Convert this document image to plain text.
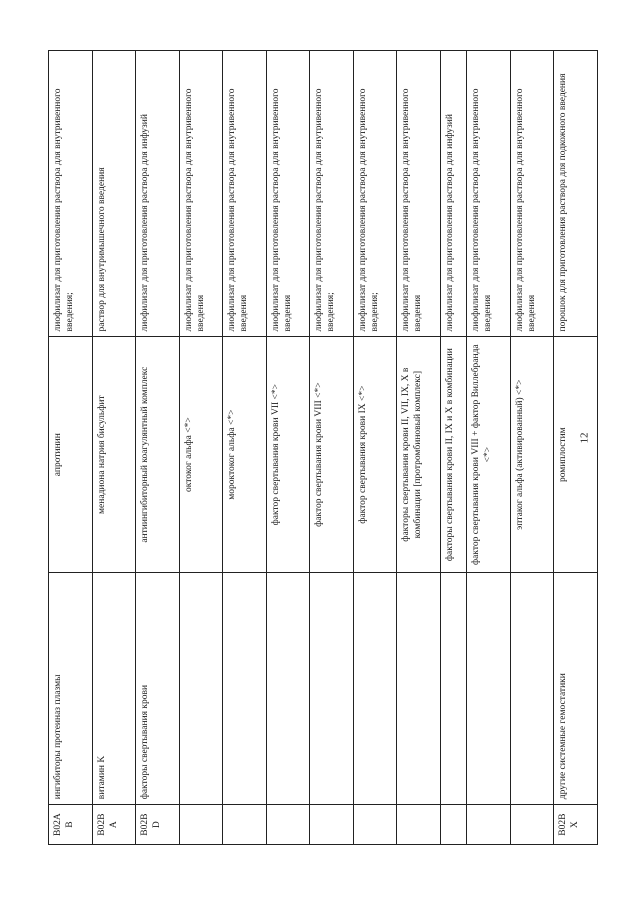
B02AB	ингибиторы протеиназ плазмы	апротинин	лиофилизат для приготовления раствора для внутривенного введения;
B02BA	витамин K	менадиона натрия бисульфит	раствор для внутримышечного введения
B02BD	факторы свертывания крови	антиингибиторный коагулянтный комплекс	лиофилизат для приготовления раствора для инфузий
		октоког альфа <*>	лиофилизат для приготовления раствора для внутривенного введения
		мороктоког альфа <*>	лиофилизат для приготовления раствора для внутривенного введения
		фактор свертывания крови VII <*>	лиофилизат для приготовления раствора для внутривенного введения
		фактор свертывания крови VIII <*>	лиофилизат для приготовления раствора для внутривенного введения;
		фактор свертывания крови IX <*>	лиофилизат для приготовления раствора для внутривенного введения;
		факторы свертывания крови II, VII, IX, X в комбинации [протромбиновый комплекс]	лиофилизат для приготовления раствора для внутривенного введения
		факторы свертывания крови II, IX и X в комбинации	лиофилизат для приготовления раствора для инфузий
		фактор свертывания крови VIII + фактор Виллебранда <*>	лиофилизат для приготовления раствора для внутривенного введения
		эптаког альфа (активированный) <*>	лиофилизат для приготовления раствора для внутривенного введения
B02BX	другие системные гемостатики	ромиплостим	порошок для приготовления раствора для подкожного введения
12
